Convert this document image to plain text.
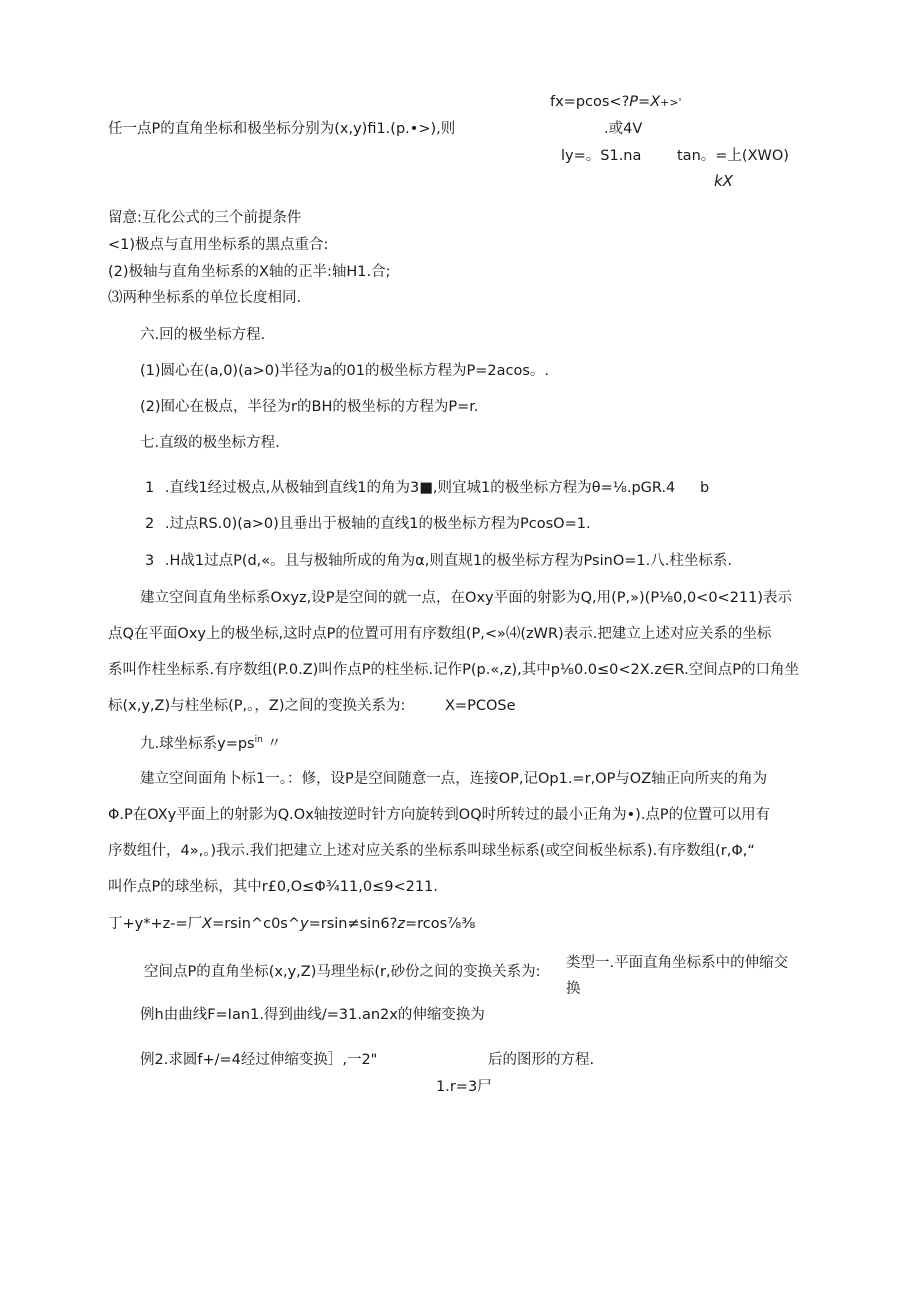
fx=pcos<?P=X+>'
任一点P的直角坐标和极坐标分别为(x,y)fi1.(p.•>),则	.或4V
ly=。S1.na tan。=上(XWO)
kX
留意:互化公式的三个前提条件
<1)极点与直用坐标系的黑点重合:
(2)极轴与直角坐标系的X轴的正半:轴H1.合;
⑶两种坐标系的单位长度相同.
六.回的极坐标方程.
(1)圆心在(a,0)(a>0)半径为a的01的极坐标方程为P=2acos。.
(2)囿心在极点，半径为r的BH的极坐标的方程为P=r.
七.直级的极坐标方程.
1 .直线1经过极点,从极轴到直线1的角为3■,则宜城1的极坐标方程为θ=⅛.pGR.4 b
2 .过点RS.0)(a>0)且垂出于极轴的直线1的极坐标方程为PcosO=1.
3 .H战1过点P(d,«。且与极轴所成的角为α,则直规1的极坐标方程为PsinO=1.八.柱坐标系.
建立空间直角坐标系Oxyz,设P是空间的就一点，在Oxy平面的射影为Q,用(P,»)(P⅛0,0<0<211)表示
点Q在平面Oxy上的极坐标,这时点P的位置可用有序数组(P,<»⑷(zWR)表示.把建立上述对应关系的坐标
系叫作柱坐标系.有序数组(P.0.Z)叫作点P的柱坐标.记作P(p.«,z),其中p⅛0.0≤0<2X.z∈R.空间点P的口角坐
标(x,y,Z)与柱坐标(P,。，Z)之间的变换关系为:	X=PCOSe
九.球坐标系$y=ps^{in}$ 〃
建立空间面角卜标1一。：修，设P是空间随意一点，连接OP,记Op1.=r,OP与OZ轴正向所夹的角为
Φ.P在OXy平面上的射影为Q.Ox轴按逆时针方向旋转到OQ时所转过的最小正角为•).点P的位置可以用有
序数组什，4»,。)我示.我们把建立上述对应关系的坐标系叫球坐标系(或空间板坐标系).有序数组(r,Φ,“
叫作点P的球坐标，其中r£0,O≤Φ¾11,0≤9<211.
丁+y*+z-=厂X=rsin^c0s^y=rsin≠sin6?z=rcos⅞⅜
空间点P的直角坐标(x,y,Z)马理坐标(r,砂份之间的变换关系为:
类型一.平面直角坐标系中的伸缩交
换
例h由曲线F=Ian1.得到曲线/=31.an2x的伸缩变换为
例2.求圆f+/=4经过伸缩变换］,一2"	后的图形的方程.
1.r=3尸
